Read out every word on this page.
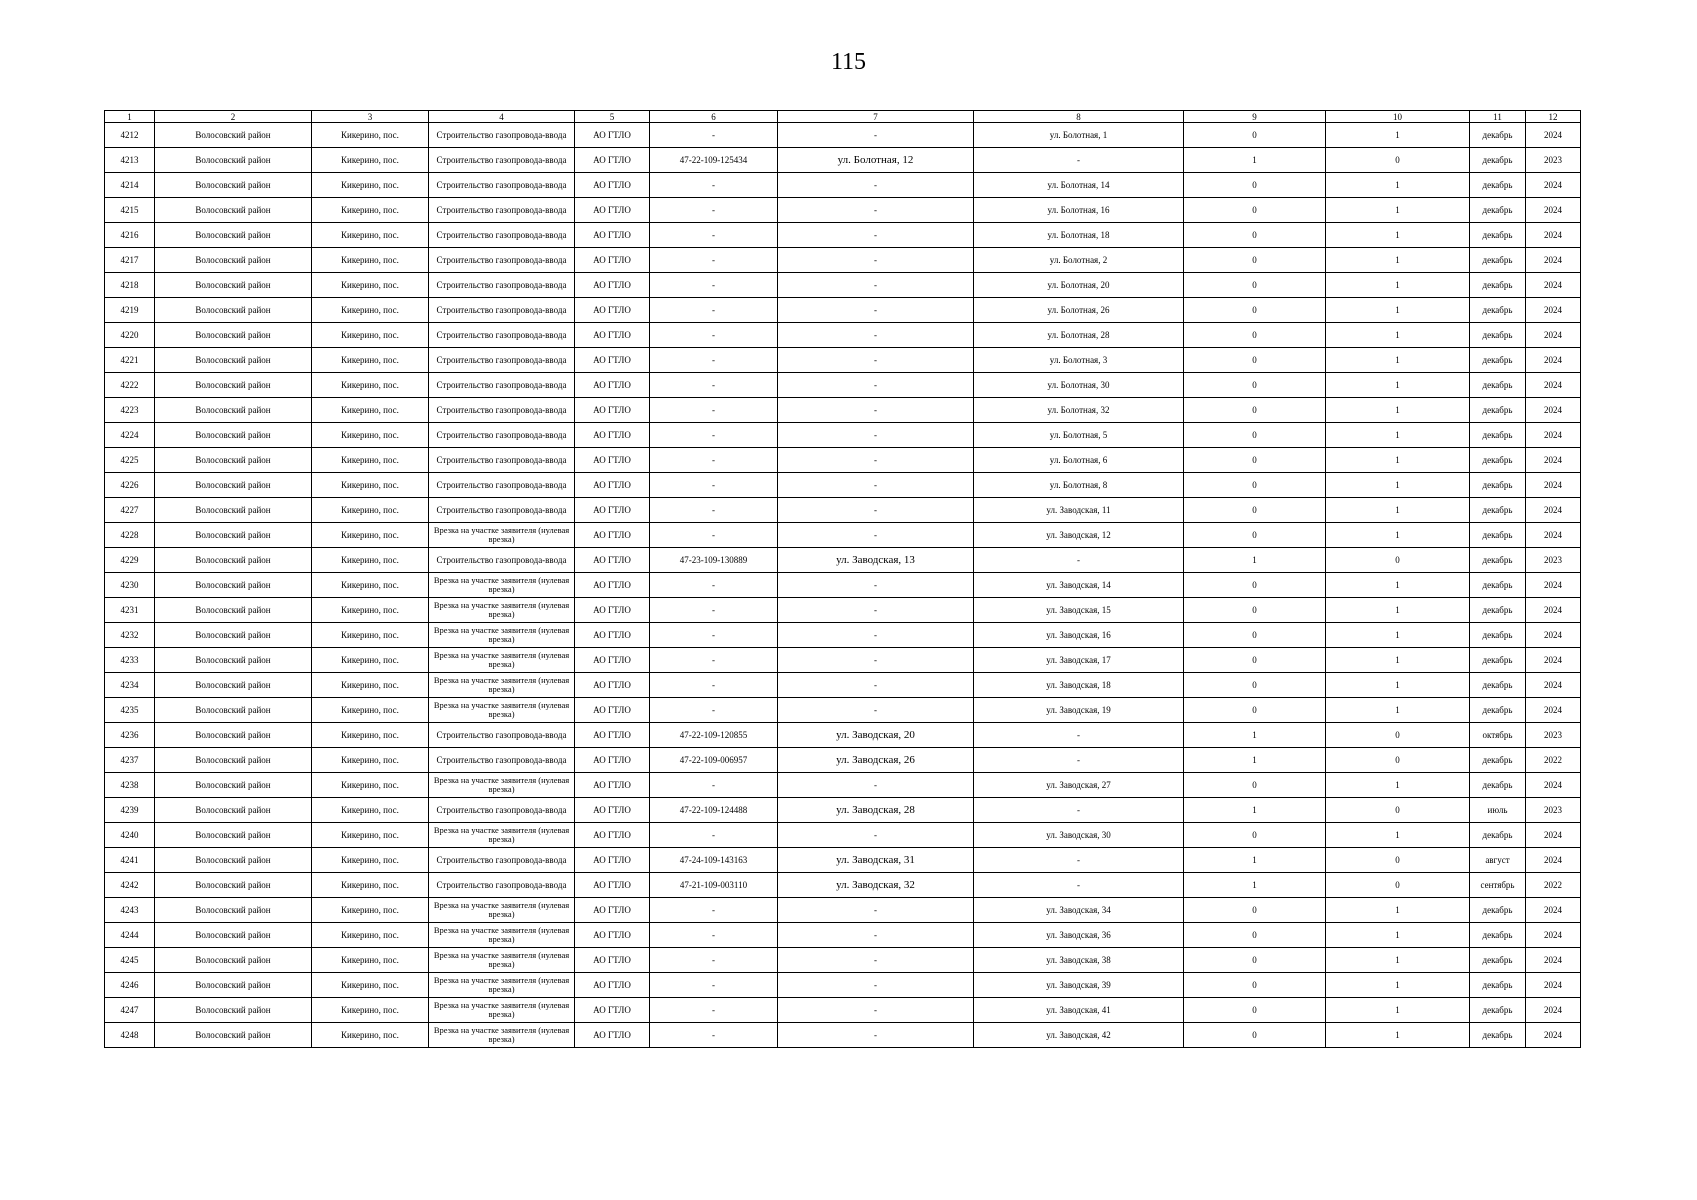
115
1	2	3	4	5	6	7	8	9	10	11	12
4212	Волосовский район	Кикерино, пос.	Строительство газопровода-ввода	АО ГТЛО	-	-	ул. Болотная, 1	0	1	декабрь	2024
4213	Волосовский район	Кикерино, пос.	Строительство газопровода-ввода	АО ГТЛО	47-22-109-125434	ул. Болотная, 12	-	1	0	декабрь	2023
4214	Волосовский район	Кикерино, пос.	Строительство газопровода-ввода	АО ГТЛО	-	-	ул. Болотная, 14	0	1	декабрь	2024
4215	Волосовский район	Кикерино, пос.	Строительство газопровода-ввода	АО ГТЛО	-	-	ул. Болотная, 16	0	1	декабрь	2024
4216	Волосовский район	Кикерино, пос.	Строительство газопровода-ввода	АО ГТЛО	-	-	ул. Болотная, 18	0	1	декабрь	2024
4217	Волосовский район	Кикерино, пос.	Строительство газопровода-ввода	АО ГТЛО	-	-	ул. Болотная, 2	0	1	декабрь	2024
4218	Волосовский район	Кикерино, пос.	Строительство газопровода-ввода	АО ГТЛО	-	-	ул. Болотная, 20	0	1	декабрь	2024
4219	Волосовский район	Кикерино, пос.	Строительство газопровода-ввода	АО ГТЛО	-	-	ул. Болотная, 26	0	1	декабрь	2024
4220	Волосовский район	Кикерино, пос.	Строительство газопровода-ввода	АО ГТЛО	-	-	ул. Болотная, 28	0	1	декабрь	2024
4221	Волосовский район	Кикерино, пос.	Строительство газопровода-ввода	АО ГТЛО	-	-	ул. Болотная, 3	0	1	декабрь	2024
4222	Волосовский район	Кикерино, пос.	Строительство газопровода-ввода	АО ГТЛО	-	-	ул. Болотная, 30	0	1	декабрь	2024
4223	Волосовский район	Кикерино, пос.	Строительство газопровода-ввода	АО ГТЛО	-	-	ул. Болотная, 32	0	1	декабрь	2024
4224	Волосовский район	Кикерино, пос.	Строительство газопровода-ввода	АО ГТЛО	-	-	ул. Болотная, 5	0	1	декабрь	2024
4225	Волосовский район	Кикерино, пос.	Строительство газопровода-ввода	АО ГТЛО	-	-	ул. Болотная, 6	0	1	декабрь	2024
4226	Волосовский район	Кикерино, пос.	Строительство газопровода-ввода	АО ГТЛО	-	-	ул. Болотная, 8	0	1	декабрь	2024
4227	Волосовский район	Кикерино, пос.	Строительство газопровода-ввода	АО ГТЛО	-	-	ул. Заводская, 11	0	1	декабрь	2024
4228	Волосовский район	Кикерино, пос.	Врезка на участке заявителя (нулевая врезка)	АО ГТЛО	-	-	ул. Заводская, 12	0	1	декабрь	2024
4229	Волосовский район	Кикерино, пос.	Строительство газопровода-ввода	АО ГТЛО	47-23-109-130889	ул. Заводская, 13	-	1	0	декабрь	2023
4230	Волосовский район	Кикерино, пос.	Врезка на участке заявителя (нулевая врезка)	АО ГТЛО	-	-	ул. Заводская, 14	0	1	декабрь	2024
4231	Волосовский район	Кикерино, пос.	Врезка на участке заявителя (нулевая врезка)	АО ГТЛО	-	-	ул. Заводская, 15	0	1	декабрь	2024
4232	Волосовский район	Кикерино, пос.	Врезка на участке заявителя (нулевая врезка)	АО ГТЛО	-	-	ул. Заводская, 16	0	1	декабрь	2024
4233	Волосовский район	Кикерино, пос.	Врезка на участке заявителя (нулевая врезка)	АО ГТЛО	-	-	ул. Заводская, 17	0	1	декабрь	2024
4234	Волосовский район	Кикерино, пос.	Врезка на участке заявителя (нулевая врезка)	АО ГТЛО	-	-	ул. Заводская, 18	0	1	декабрь	2024
4235	Волосовский район	Кикерино, пос.	Врезка на участке заявителя (нулевая врезка)	АО ГТЛО	-	-	ул. Заводская, 19	0	1	декабрь	2024
4236	Волосовский район	Кикерино, пос.	Строительство газопровода-ввода	АО ГТЛО	47-22-109-120855	ул. Заводская, 20	-	1	0	октябрь	2023
4237	Волосовский район	Кикерино, пос.	Строительство газопровода-ввода	АО ГТЛО	47-22-109-006957	ул. Заводская, 26	-	1	0	декабрь	2022
4238	Волосовский район	Кикерино, пос.	Врезка на участке заявителя (нулевая врезка)	АО ГТЛО	-	-	ул. Заводская, 27	0	1	декабрь	2024
4239	Волосовский район	Кикерино, пос.	Строительство газопровода-ввода	АО ГТЛО	47-22-109-124488	ул. Заводская, 28	-	1	0	июль	2023
4240	Волосовский район	Кикерино, пос.	Врезка на участке заявителя (нулевая врезка)	АО ГТЛО	-	-	ул. Заводская, 30	0	1	декабрь	2024
4241	Волосовский район	Кикерино, пос.	Строительство газопровода-ввода	АО ГТЛО	47-24-109-143163	ул. Заводская, 31	-	1	0	август	2024
4242	Волосовский район	Кикерино, пос.	Строительство газопровода-ввода	АО ГТЛО	47-21-109-003110	ул. Заводская, 32	-	1	0	сентябрь	2022
4243	Волосовский район	Кикерино, пос.	Врезка на участке заявителя (нулевая врезка)	АО ГТЛО	-	-	ул. Заводская, 34	0	1	декабрь	2024
4244	Волосовский район	Кикерино, пос.	Врезка на участке заявителя (нулевая врезка)	АО ГТЛО	-	-	ул. Заводская, 36	0	1	декабрь	2024
4245	Волосовский район	Кикерино, пос.	Врезка на участке заявителя (нулевая врезка)	АО ГТЛО	-	-	ул. Заводская, 38	0	1	декабрь	2024
4246	Волосовский район	Кикерино, пос.	Врезка на участке заявителя (нулевая врезка)	АО ГТЛО	-	-	ул. Заводская, 39	0	1	декабрь	2024
4247	Волосовский район	Кикерино, пос.	Врезка на участке заявителя (нулевая врезка)	АО ГТЛО	-	-	ул. Заводская, 41	0	1	декабрь	2024
4248	Волосовский район	Кикерино, пос.	Врезка на участке заявителя (нулевая врезка)	АО ГТЛО	-	-	ул. Заводская, 42	0	1	декабрь	2024
